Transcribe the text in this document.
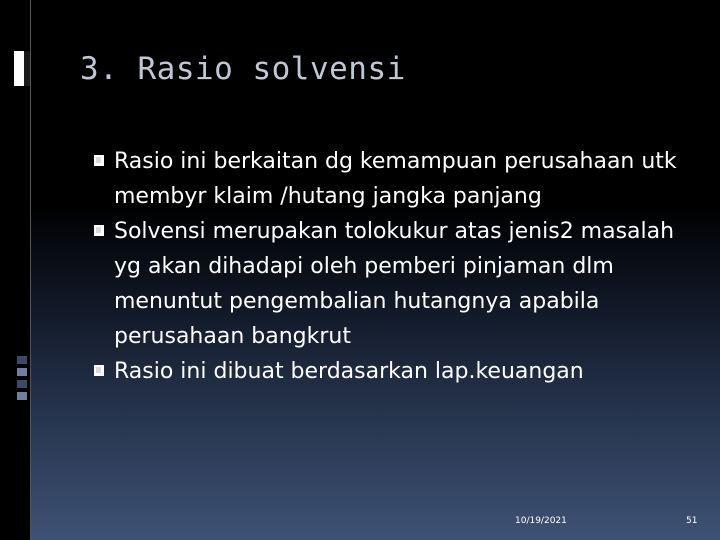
3. Rasio solvensi
Rasio ini berkaitan dg kemampuan perusahaan utk membyr klaim /hutang jangka panjang
Solvensi merupakan tolokukur atas jenis2 masalah yg akan dihadapi oleh pemberi pinjaman dlm menuntut pengembalian hutangnya apabila perusahaan bangkrut
Rasio ini dibuat berdasarkan lap.keuangan
10/19/2021	51
